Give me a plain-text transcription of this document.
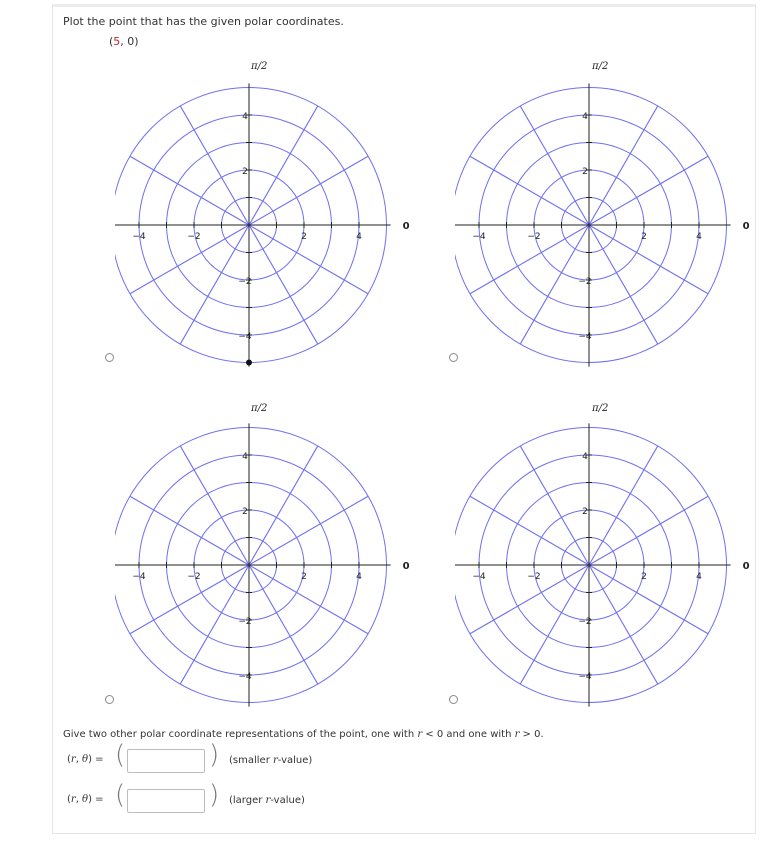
Plot the point that has the given polar coordinates.
(5, 0)
π/2
−4	−2	2	4
4
2
−2
−4
0
π/2
−4	−2	2	4
4
2
−2
−4
0
π/2
−4	−2	2	4
4
2
−2
−4
0
π/2
−4	−2	2	4
4
2
−2
−4
0
Give two other polar coordinate representations of the point, one with r < 0 and one with r > 0.
(r, θ) = (	) (smaller r-value)
(r, θ) = (	) (larger r-value)
